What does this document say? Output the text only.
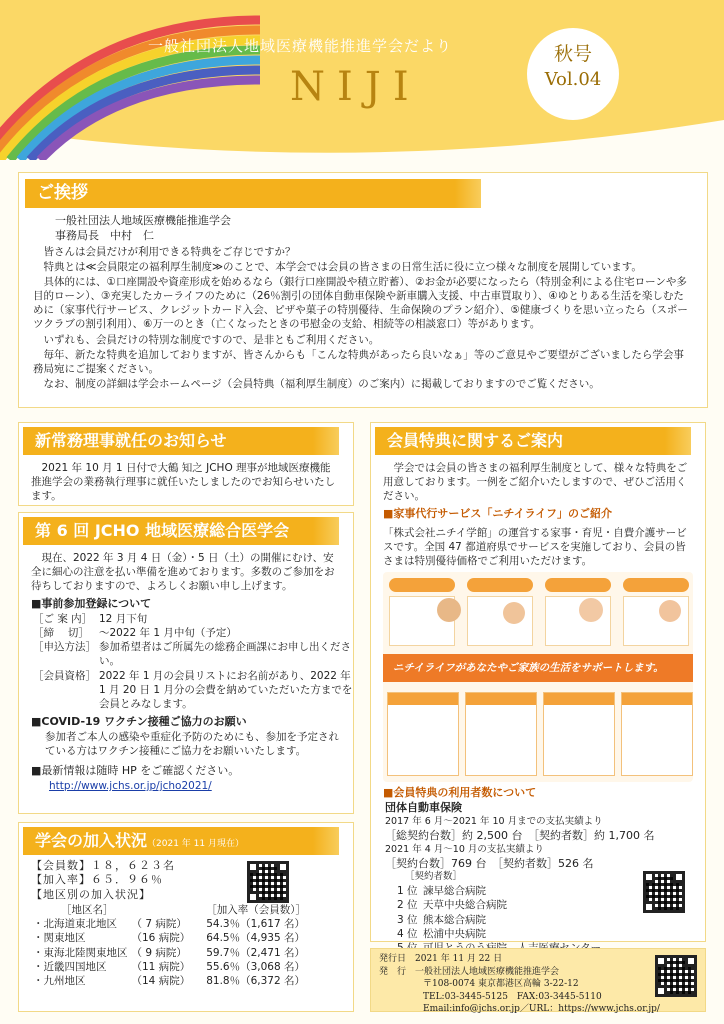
一般社団法人地域医療機能推進学会だより
NIJI
秋号
Vol.04
ご挨拶
一般社団法人地域医療機能推進学会
事務局長　中村　仁

皆さんは会員だけが利用できる特典をご存じですか？

特典とは≪会員限定の福利厚生制度≫のことで、本学会では会員の皆さまの日常生活に役に立つ様々な制度を展開しています。

具体的には、①口座開設や資産形成を始めるなら（銀行口座開設や積立貯蓄）、②お金が必要になったら（特別金利による住宅ローンや多目的ローン）、③充実したカーライフのために（26％割引の団体自動車保険や新車購入支援、中古車買取り）、④ゆとりある生活を楽しむために（家事代行サービス、クレジットカード入会、ピザや菓子の特別優待、生命保険のプラン紹介）、⑤健康づくりを思い立ったら（スポーツクラブの割引利用）、⑥万一のとき（亡くなったときの弔慰金の支給、相続等の相談窓口）等があります。

いずれも、会員だけの特別な制度ですので、是非ともご利用ください。

毎年、新たな特典を追加しておりますが、皆さんからも「こんな特典があったら良いなぁ」等のご意見やご要望がございましたら学会事務局宛にご提案ください。

なお、制度の詳細は学会ホームページ（会員特典（福利厚生制度）のご案内）に掲載しておりますのでご覧ください。

新常務理事就任のお知らせ

2021 年 10 月 1 日付で大鶴 知之 JCHO 理事が地域医療機能推進学会の業務執行理事に就任いたしましたのでお知らせいたします。

第 6 回 JCHO 地域医療総合医学会

現在、2022 年 3 月 4 日（金）・5 日（土）の開催にむけ、安全に細心の注意を払い準備を進めております。多数のご参加をお待ちしておりますので、よろしくお願い申し上げます。

■事前参加登録について
［ご 案 内］ 12 月下旬
［締　 切］ ～2022 年 1 月中旬（予定）
［申込方法］ 参加希望者はご所属先の総務企画課にお申し出ください。
［会員資格］ 2022 年 1 月の会員リストにお名前があり、2022 年 1 月 20 日 1 月分の会費を納めていただいた方までを会員とみなします。
■COVID-19 ワクチン接種ご協力のお願い

参加者ご本人の感染や重症化予防のためにも、参加を予定されている方はワクチン接種にご協力をお願いいたします。

■最新情報は随時 HP をご確認ください。
http://www.jchs.or.jp/jcho2021/
学会の加入状況（2021 年 11 月現在）
【会員数】１８，６２３名
【加入率】６５．９６％
【地区別の加入状況】
［地区名］		［加入率（会員数）］
・北海道東北地区	（ 7 病院）	54.3％（1,617 名）
・関東地区	（16 病院）	64.5％（4,935 名）
・東海北陸関東地区	（ 9 病院）	59.7％（2,471 名）
・近畿四国地区	（11 病院）	55.6％（3,068 名）
・九州地区	（14 病院）	81.8％（6,372 名）
会員特典に関するご案内

学会では会員の皆さまの福利厚生制度として、様々な特典をご用意しております。一例をご紹介いたしますので、ぜひご活用ください。

■家事代行サービス「ニチイライフ」のご紹介

「株式会社ニチイ学館」の運営する家事・育児・自費介護サービスです。全国 47 都道府県でサービスを実施しており、会員の皆さまは特別優待価格でご利用いただけます。

ニチイライフがあなたやご家族の生活をサポートします。
■会員特典の利用者数について
団体自動車保険
2017 年 6 月～2021 年 10 月までの支払実績より
［総契約台数］約 2,500 台　［契約者数］約 1,700 名
2021 年 4 月～10 月の支払実績より
［契約台数］769 台　［契約者数］526 名
［契約者数］
1 位 諫早総合病院
2 位 天草中央総合病院
3 位 熊本総合病院
4 位 松浦中央病院
発行日　2021 年 11 月 22 日
発　行　一般社団法人地域医療機能推進学会
〒108-0074 東京都港区高輪 3-22-12
TEL:03-3445-5125　FAX:03-3445-5110
Email:info@jchs.or.jp／URL：https://www.jchs.or.jp/
